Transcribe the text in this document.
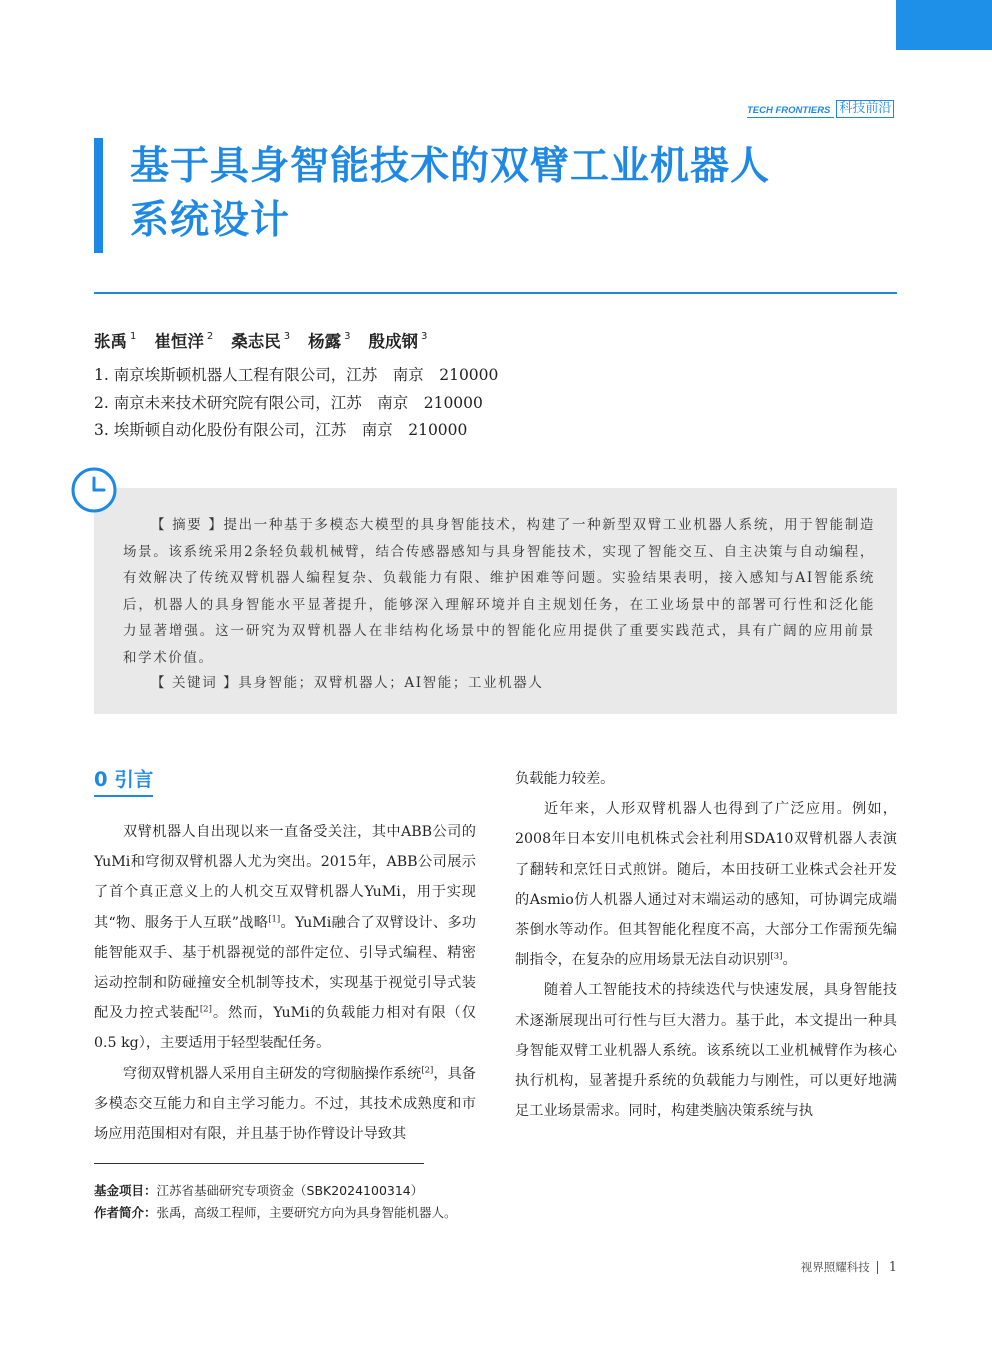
TECH FRONTIERS 科技前沿
基于具身智能技术的双臂工业机器人
系统设计
张禹 $^1$ 崔恒洋 $^2$ 桑志民 $^3$ 杨露 $^3$ 殷成钢 $^3$
1. 南京埃斯顿机器人工程有限公司，江苏　南京　210000
2. 南京未来技术研究院有限公司，江苏　南京　210000
3. 埃斯顿自动化股份有限公司，江苏　南京　210000

【 摘要 】提出一种基于多模态大模型的具身智能技术，构建了一种新型双臂工业机器人系统，用于智能制造场景。该系统采用2条轻负载机械臂，结合传感器感知与具身智能技术，实现了智能交互、自主决策与自动编程，有效解决了传统双臂机器人编程复杂、负载能力有限、维护困难等问题。实验结果表明，接入感知与AI智能系统后，机器人的具身智能水平显著提升，能够深入理解环境并自主规划任务，在工业场景中的部署可行性和泛化能力显著增强。这一研究为双臂机器人在非结构化场景中的智能化应用提供了重要实践范式，具有广阔的应用前景和学术价值。

【 关键词 】具身智能；双臂机器人；AI智能；工业机器人

0 引言

双臂机器人自出现以来一直备受关注，其中ABB公司的YuMi和穹彻双臂机器人尤为突出。2015年，ABB公司展示了首个真正意义上的人机交互双臂机器人YuMi，用于实现其“物、服务于人互联”战略[1]。YuMi融合了双臂设计、多功能智能双手、基于机器视觉的部件定位、引导式编程、精密运动控制和防碰撞安全机制等技术，实现基于视觉引导式装配及力控式装配[2]。然而，YuMi的负载能力相对有限（仅0.5 kg），主要适用于轻型装配任务。

穹彻双臂机器人采用自主研发的穹彻脑操作系统[2]，具备多模态交互能力和自主学习能力。不过，其技术成熟度和市场应用范围相对有限，并且基于协作臂设计导致其

负载能力较差。

近年来，人形双臂机器人也得到了广泛应用。例如，2008年日本安川电机株式会社利用SDA10双臂机器人表演了翻转和烹饪日式煎饼。随后，本田技研工业株式会社开发的Asmio仿人机器人通过对末端运动的感知，可协调完成端茶倒水等动作。但其智能化程度不高，大部分工作需预先编制指令，在复杂的应用场景无法自动识别[3]。

随着人工智能技术的持续迭代与快速发展，具身智能技术逐渐展现出可行性与巨大潜力。基于此，本文提出一种具身智能双臂工业机器人系统。该系统以工业机械臂作为核心执行机构，显著提升系统的负载能力与刚性，可以更好地满足工业场景需求。同时，构建类脑决策系统与执

基金项目：江苏省基础研究专项资金（SBK2024100314）
作者简介：张禹，高级工程师，主要研究方向为具身智能机器人。
视界照耀科技 1
